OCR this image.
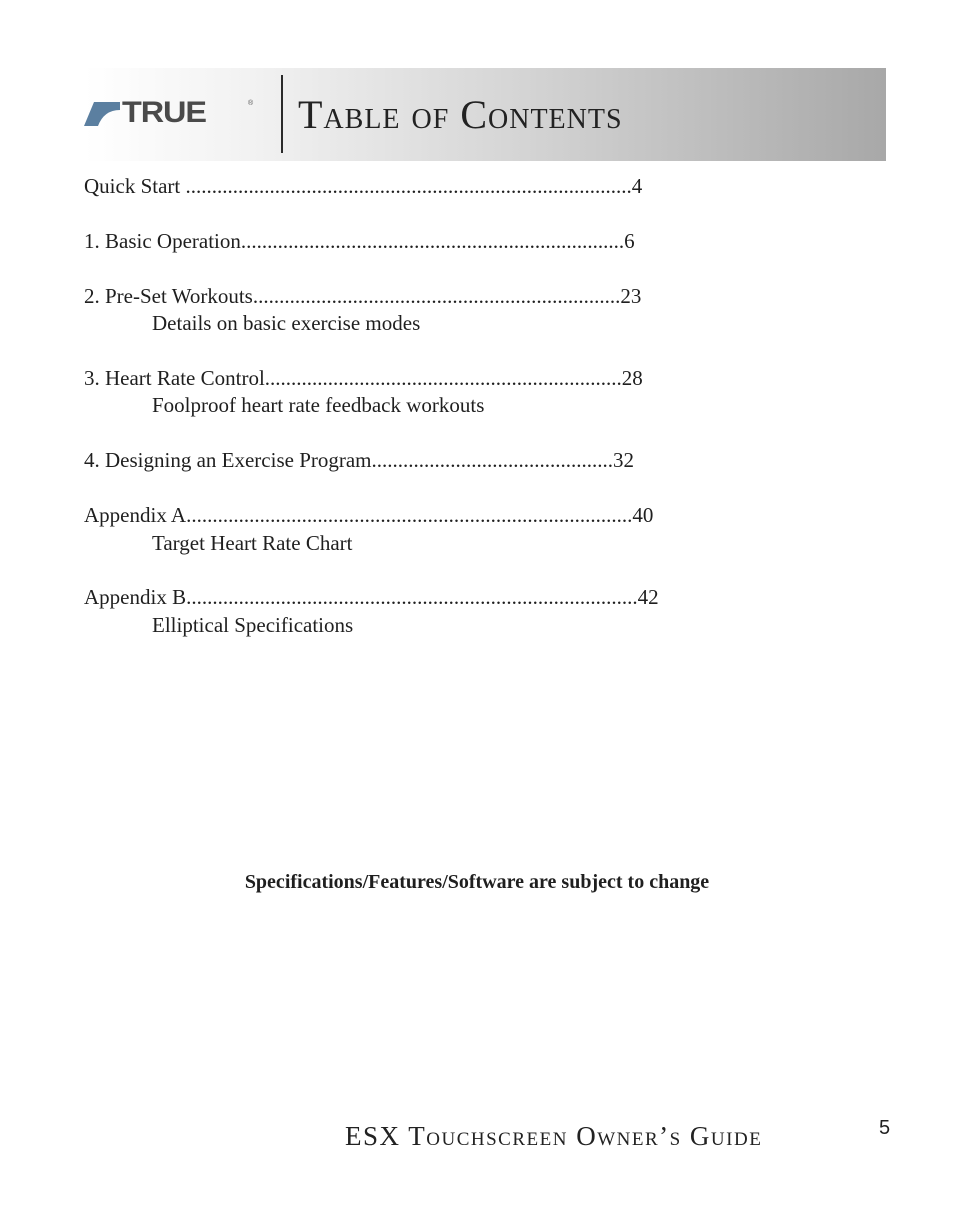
TRUE	® Table of Contents
Quick Start .....................................................................................4
1. Basic Operation.........................................................................6
2. Pre-Set Workouts......................................................................23
Details on basic exercise modes
3. Heart Rate Control....................................................................28
Foolproof heart rate feedback workouts
4. Designing an Exercise Program..............................................32
Appendix A.....................................................................................40
Target Heart Rate Chart
Appendix B......................................................................................42
Elliptical Specifications
Specifications/Features/Software are subject to change
ESX Touchscreen Owner’s Guide	5
